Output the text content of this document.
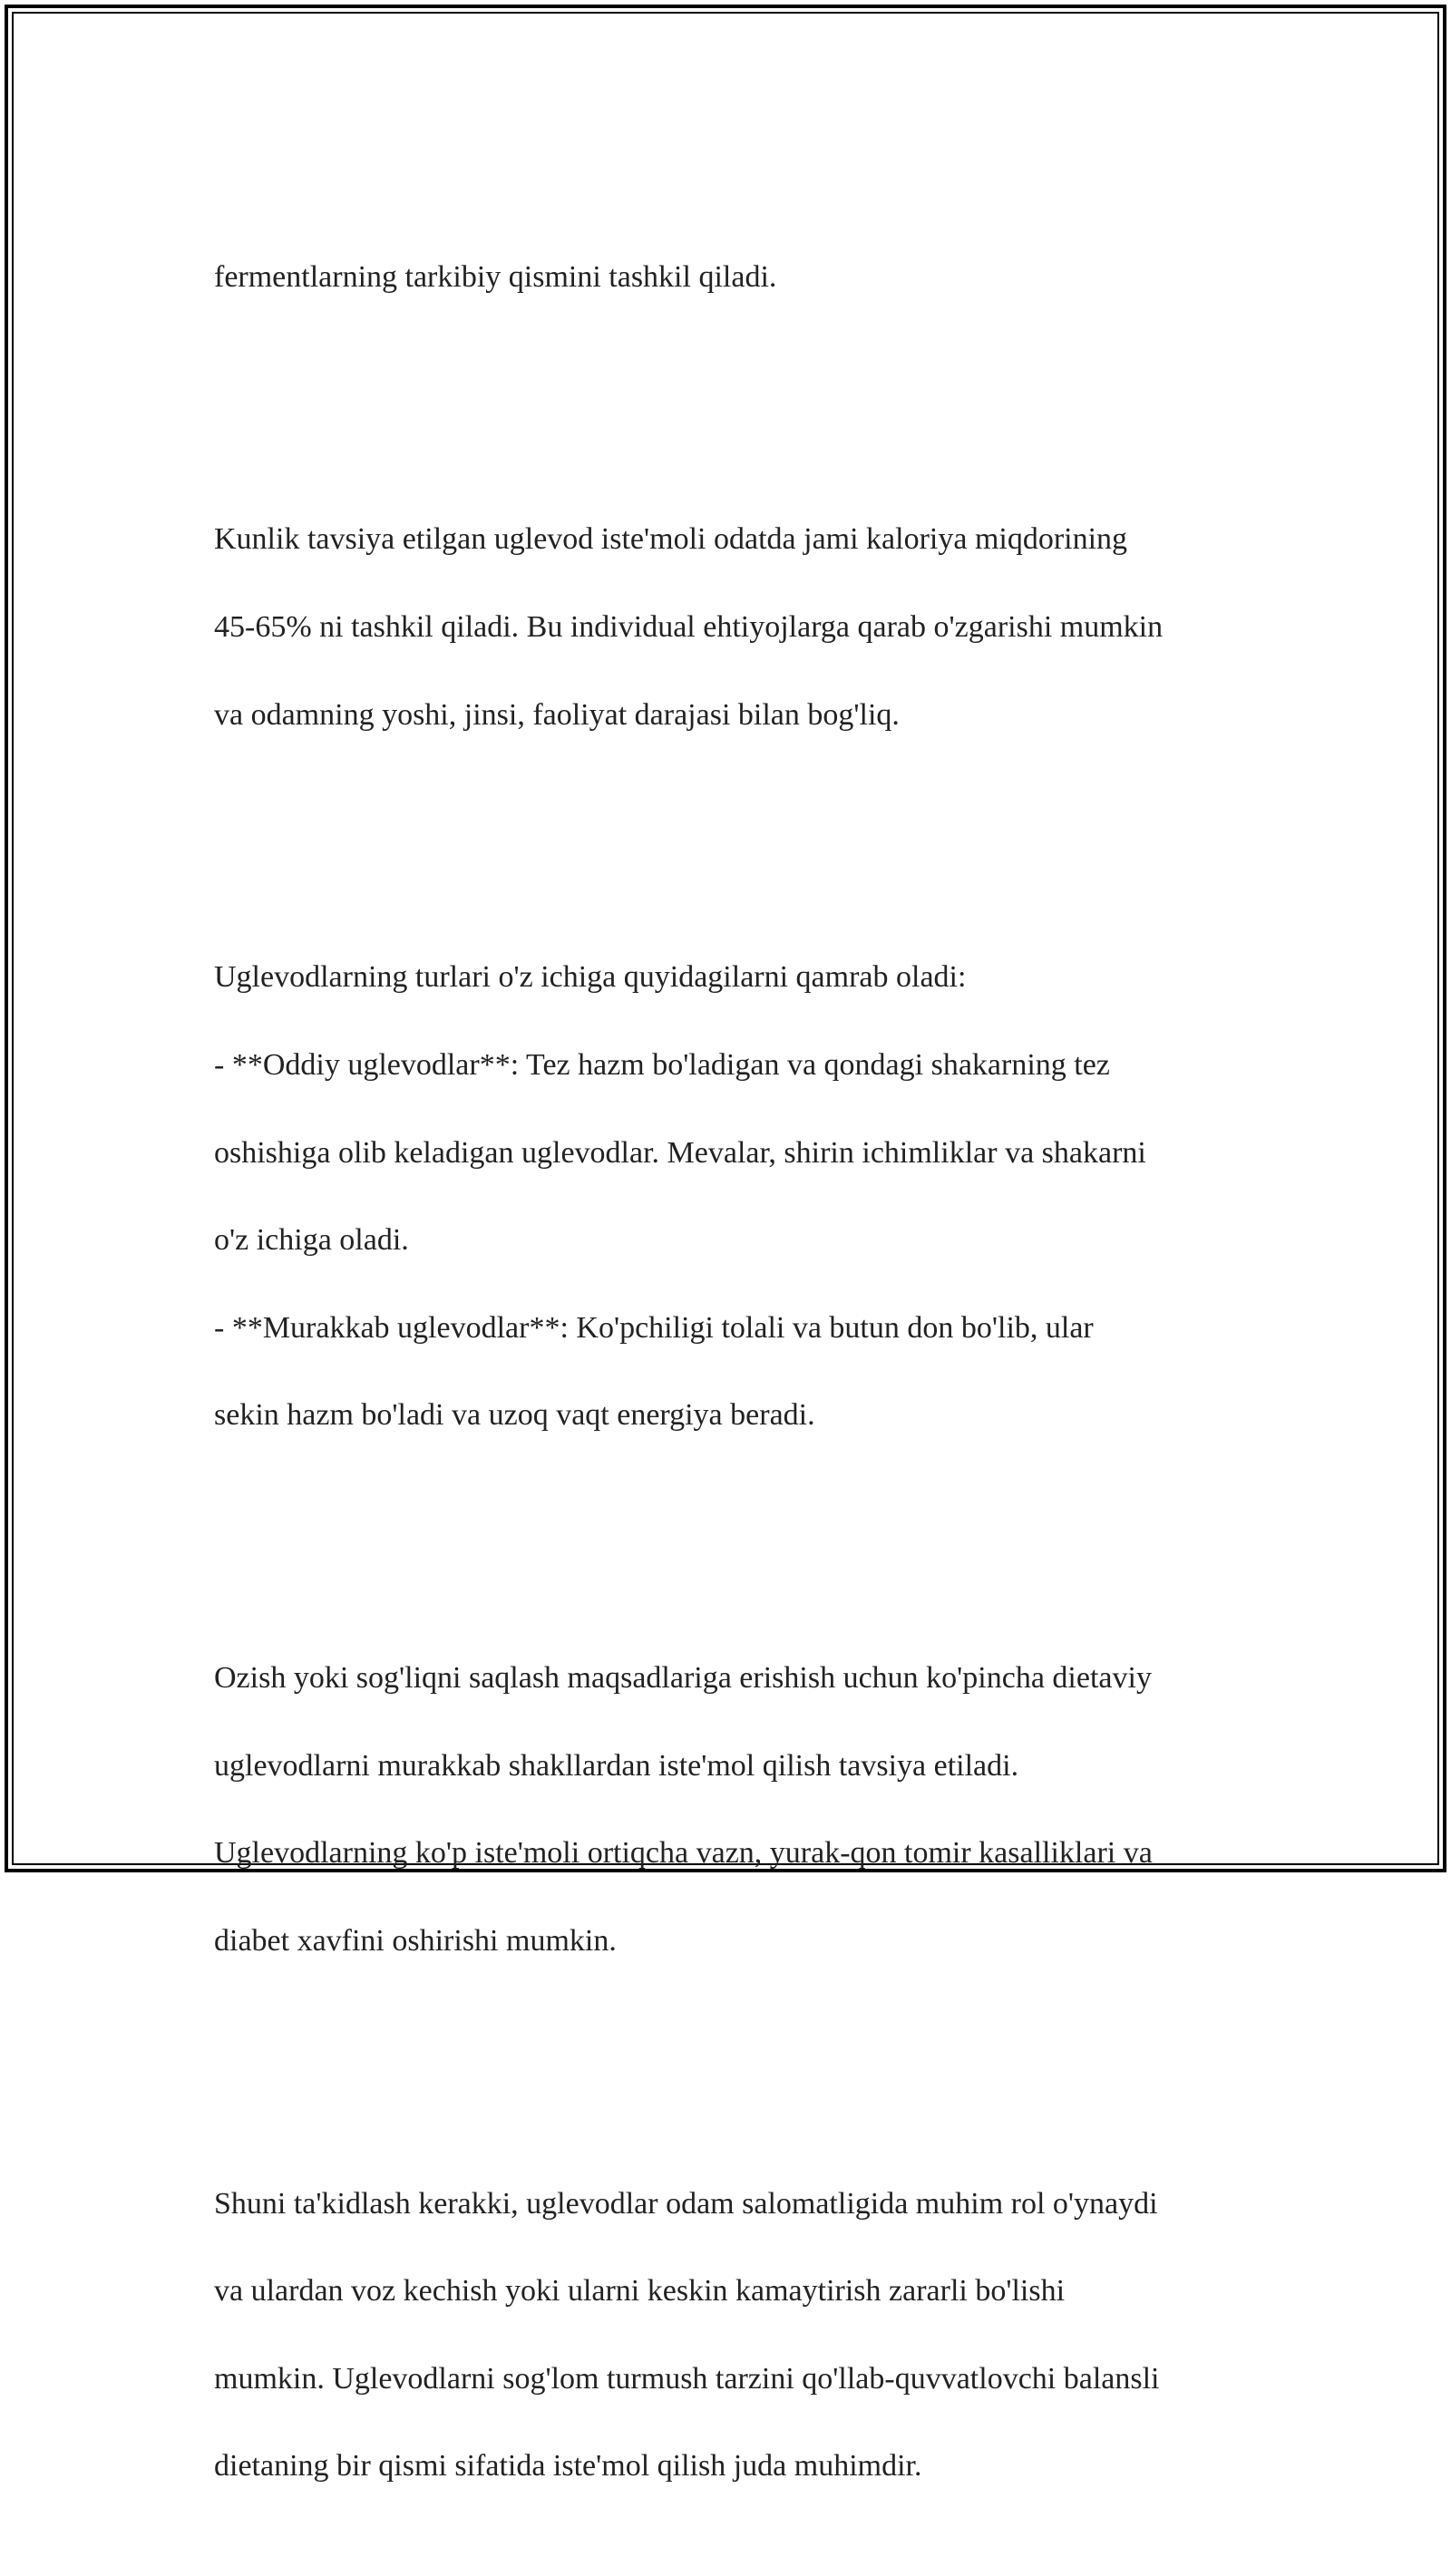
fermentlarning tarkibiy qismini tashkil qiladi.

Kunlik tavsiya etilgan uglevod iste'moli odatda jami kaloriya miqdorining

45-65% ni tashkil qiladi. Bu individual ehtiyojlarga qarab o'zgarishi mumkin

va odamning yoshi, jinsi, faoliyat darajasi bilan bog'liq.

Uglevodlarning turlari o'z ichiga quyidagilarni qamrab oladi:

- **Oddiy uglevodlar**: Tez hazm bo'ladigan va qondagi shakarning tez

oshishiga olib keladigan uglevodlar. Mevalar, shirin ichimliklar va shakarni

o'z ichiga oladi.

- **Murakkab uglevodlar**: Ko'pchiligi tolali va butun don bo'lib, ular

sekin hazm bo'ladi va uzoq vaqt energiya beradi.

Ozish yoki sog'liqni saqlash maqsadlariga erishish uchun ko'pincha dietaviy

uglevodlarni murakkab shakllardan iste'mol qilish tavsiya etiladi.

Uglevodlarning ko'p iste'moli ortiqcha vazn, yurak-qon tomir kasalliklari va

diabet xavfini oshirishi mumkin.

Shuni ta'kidlash kerakki, uglevodlar odam salomatligida muhim rol o'ynaydi

va ulardan voz kechish yoki ularni keskin kamaytirish zararli bo'lishi

mumkin. Uglevodlarni sog'lom turmush tarzini qo'llab-quvvatlovchi balansli

dietaning bir qismi sifatida iste'mol qilish juda muhimdir.
